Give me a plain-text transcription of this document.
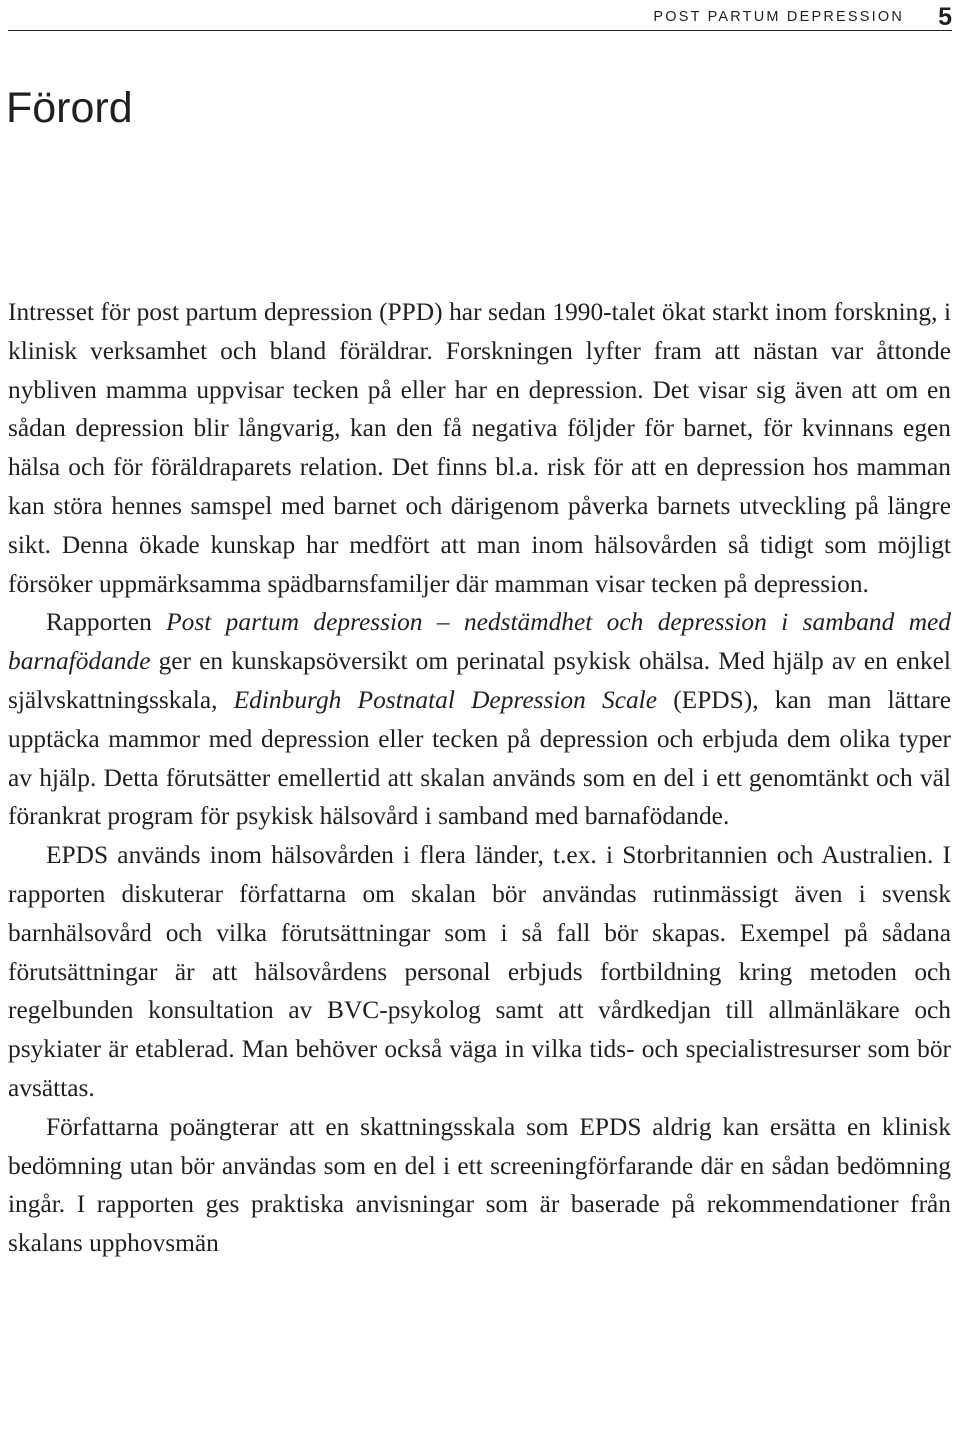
POST PARTUM DEPRESSION 5
Förord

Intresset för post partum depression (PPD) har sedan 1990-talet ökat starkt inom forskning, i klinisk verksamhet och bland föräldrar. Forskningen lyfter fram att nästan var åttonde nybliven mamma uppvisar tecken på eller har en depression. Det visar sig även att om en sådan depression blir långvarig, kan den få negativa följder för barnet, för kvinnans egen hälsa och för föräldraparets relation. Det finns bl.a. risk för att en depression hos mamman kan störa hennes samspel med barnet och därigenom påverka barnets utveckling på längre sikt. Denna ökade kunskap har medfört att man inom hälsovården så tidigt som möjligt försöker uppmärksamma spädbarnsfamiljer där mamman visar tecken på depression.

Rapporten Post partum depression – nedstämdhet och depression i samband med barnafödande ger en kunskapsöversikt om perinatal psykisk ohälsa. Med hjälp av en enkel självskattningsskala, Edinburgh Postnatal Depression Scale (EPDS), kan man lättare upptäcka mammor med depression eller tecken på depression och erbjuda dem olika typer av hjälp. Detta förutsätter emellertid att skalan används som en del i ett genomtänkt och väl förankrat program för psykisk hälsovård i samband med barnafödande.

EPDS används inom hälsovården i flera länder, t.ex. i Storbritannien och Australien. I rapporten diskuterar författarna om skalan bör användas rutinmässigt även i svensk barnhälsovård och vilka förutsättningar som i så fall bör skapas. Exempel på sådana förutsättningar är att hälsovårdens personal erbjuds fortbildning kring metoden och regelbunden konsultation av BVC-psykolog samt att vårdkedjan till allmänläkare och psykiater är etablerad. Man behöver också väga in vilka tids- och specialistresurser som bör avsättas.

Författarna poängterar att en skattningsskala som EPDS aldrig kan ersätta en klinisk bedömning utan bör användas som en del i ett screeningförfarande där en sådan bedömning ingår. I rapporten ges praktiska anvisningar som är baserade på rekommendationer från skalans upphovsmän
